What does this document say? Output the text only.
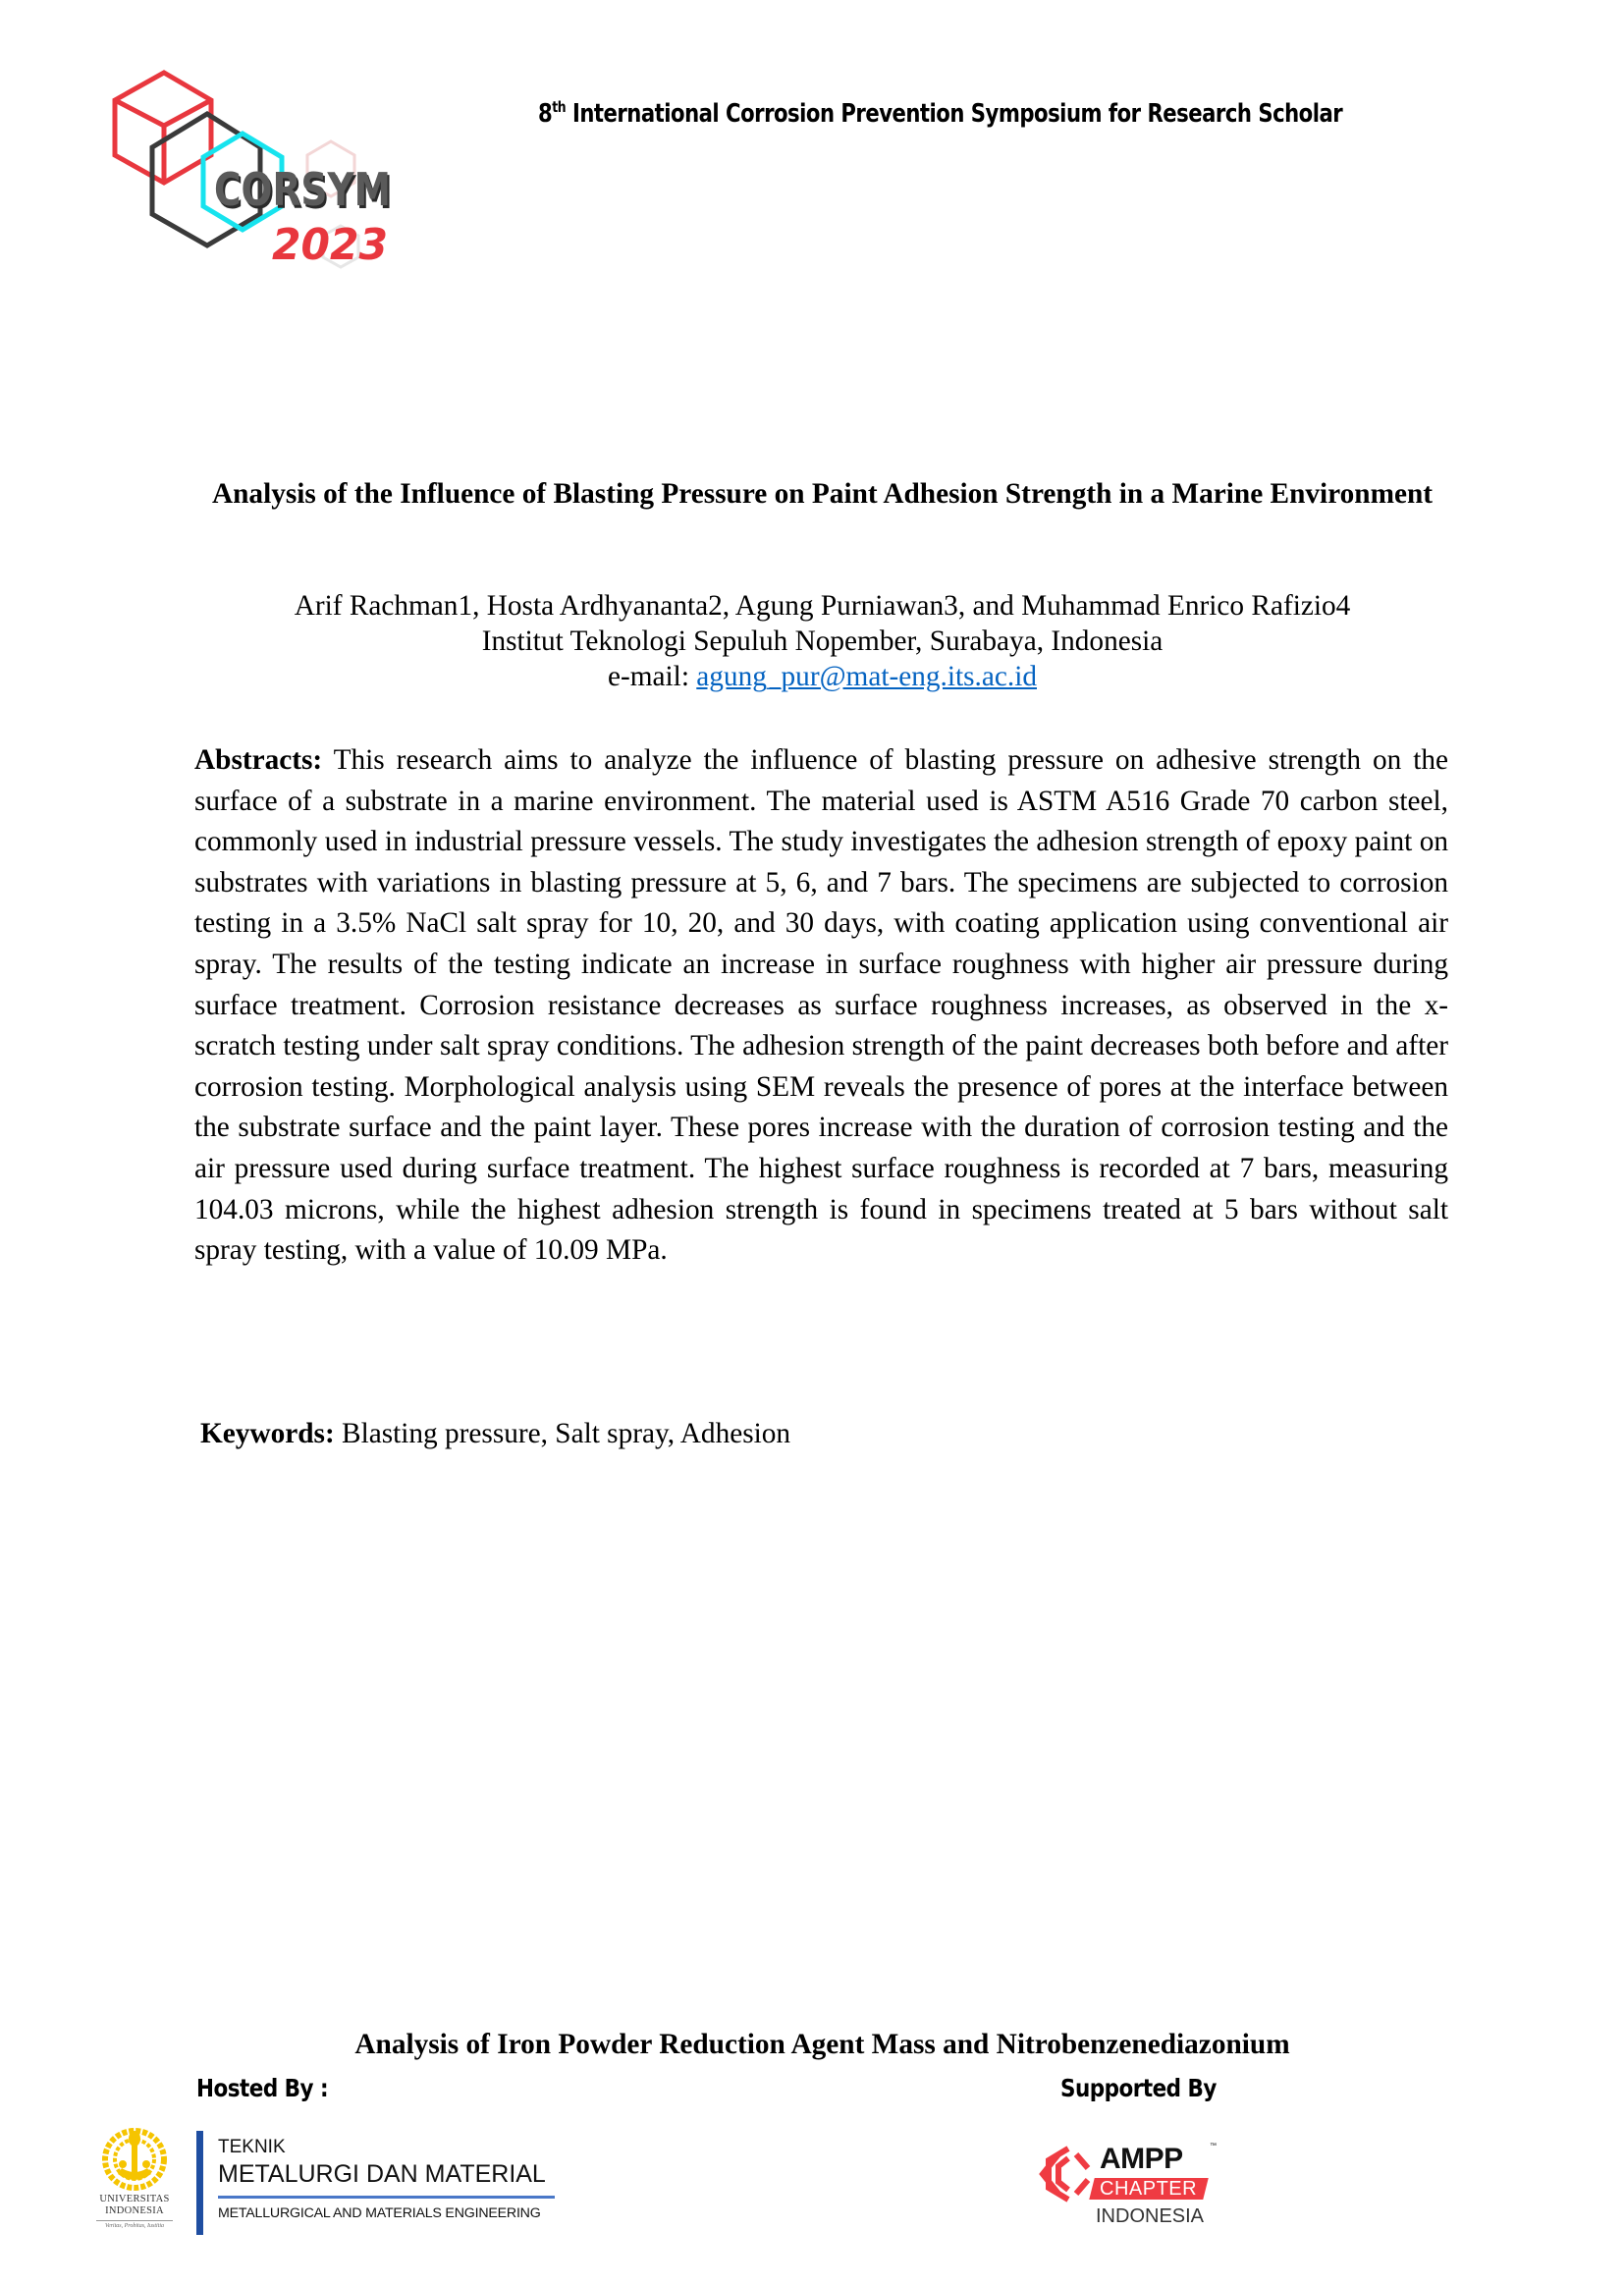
CORSYM
2023
8th International Corrosion Prevention Symposium for Research Scholar
Analysis of the Influence of Blasting Pressure on Paint Adhesion Strength in a Marine Environment
Arif Rachman1, Hosta Ardhyananta2, Agung Purniawan3, and Muhammad Enrico Rafizio4
Institut Teknologi Sepuluh Nopember, Surabaya, Indonesia
e-mail: agung_pur@mat-eng.its.ac.id
Abstracts: This research aims to analyze the influence of blasting pressure on adhesive strength on the surface of a substrate in a marine environment. The material used is ASTM A516 Grade 70 carbon steel, commonly used in industrial pressure vessels. The study investigates the adhesion strength of epoxy paint on substrates with variations in blasting pressure at 5, 6, and 7 bars. The specimens are subjected to corrosion testing in a 3.5% NaCl salt spray for 10, 20, and 30 days, with coating application using conventional air spray. The results of the testing indicate an increase in surface roughness with higher air pressure during surface treatment. Corrosion resistance decreases as surface roughness increases, as observed in the x-scratch testing under salt spray conditions. The adhesion strength of the paint decreases both before and after corrosion testing. Morphological analysis using SEM reveals the presence of pores at the interface between the substrate surface and the paint layer. These pores increase with the duration of corrosion testing and the air pressure used during surface treatment. The highest surface roughness is recorded at 7 bars, measuring 104.03 microns, while the highest adhesion strength is found in specimens treated at 5 bars without salt spray testing, with a value of 10.09 MPa.
Keywords: Blasting pressure, Salt spray, Adhesion
Analysis of Iron Powder Reduction Agent Mass and Nitrobenzenediazonium
Hosted By :	Supported By
UNIVERSITAS
INDONESIA
Veritas, Probitas, Iustitia
TEKNIK
METALURGI DAN MATERIAL
METALLURGICAL AND MATERIALS ENGINEERING
AMPP	™
CHAPTER
INDONESIA
